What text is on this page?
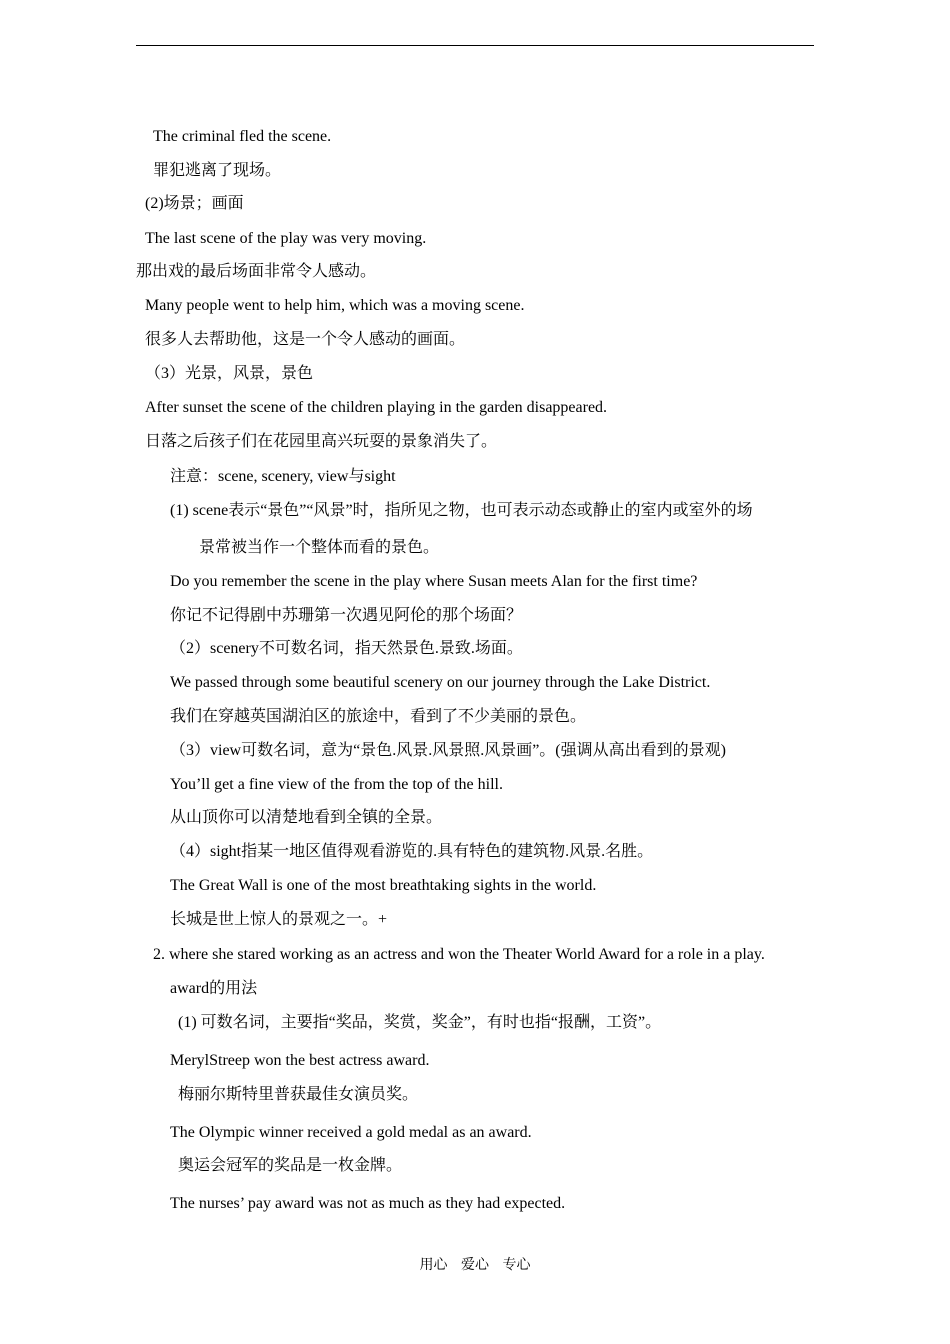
The criminal fled the scene.
罪犯逃离了现场。
(2)场景；画面
The last scene of the play was very moving.
那出戏的最后场面非常令人感动。
Many people went to help him, which was a moving scene.
很多人去帮助他，这是一个令人感动的画面。
（3）光景，风景，景色
After sunset the scene of the children playing in the garden disappeared.
日落之后孩子们在花园里高兴玩耍的景象消失了。
注意：scene, scenery, view与sight
(1) scene表示“景色”“风景”时，指所见之物，也可表示动态或静止的室内或室外的场
景常被当作一个整体而看的景色。
Do you remember the scene in the play where Susan meets Alan for the first time?
你记不记得剧中苏珊第一次遇见阿伦的那个场面？
（2）scenery不可数名词，指天然景色.景致.场面。
We passed through some beautiful scenery on our journey through the Lake District.
我们在穿越英国湖泊区的旅途中，看到了不少美丽的景色。
（3）view可数名词，意为“景色.风景.风景照.风景画”。(强调从高出看到的景观)
You’ll get a fine view of the from the top of the hill.
从山顶你可以清楚地看到全镇的全景。
（4）sight指某一地区值得观看游览的.具有特色的建筑物.风景.名胜。
The Great Wall is one of the most breathtaking sights in the world.
长城是世上惊人的景观之一。+
2. where she stared working as an actress and won the Theater World Award for a role in a play.
award的用法
(1) 可数名词，主要指“奖品，奖赏，奖金”，有时也指“报酬，工资”。
MerylStreep won the best actress award.
梅丽尔斯特里普获最佳女演员奖。
The Olympic winner received a gold medal as an award.
奥运会冠军的奖品是一枚金牌。
The nurses’ pay award was not as much as they had expected.
用心 爱心 专心
